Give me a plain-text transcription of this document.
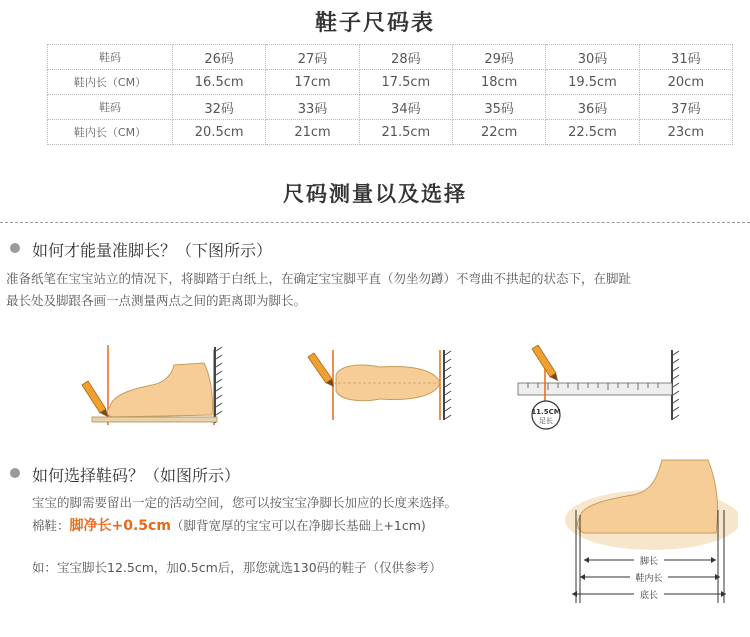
鞋子尺码表
鞋码	26码	27码	28码	29码	30码	31码
鞋内长（CM）	16.5cm	17cm	17.5cm	18cm	19.5cm	20cm
鞋码	32码	33码	34码	35码	36码	37码
鞋内长（CM）	20.5cm	21cm	21.5cm	22cm	22.5cm	23cm
尺码测量以及选择
如何才能量准脚长？（下图所示）
准备纸笔在宝宝站立的情况下，将脚踏于白纸上，在确定宝宝脚平直（勿坐勿蹲）不弯曲不拱起的状态下，在脚趾
最长处及脚跟各画一点测量两点之间的距离即为脚长。
11.5CM
足长
如何选择鞋码？（如图所示）
宝宝的脚需要留出一定的活动空间，您可以按宝宝净脚长加应的长度来选择。
棉鞋：脚净长+0.5cm（脚背宽厚的宝宝可以在净脚长基础上+1cm)
如：宝宝脚长12.5cm，加0.5cm后，那您就选130码的鞋子（仅供参考）	脚长
鞋内长
底长
